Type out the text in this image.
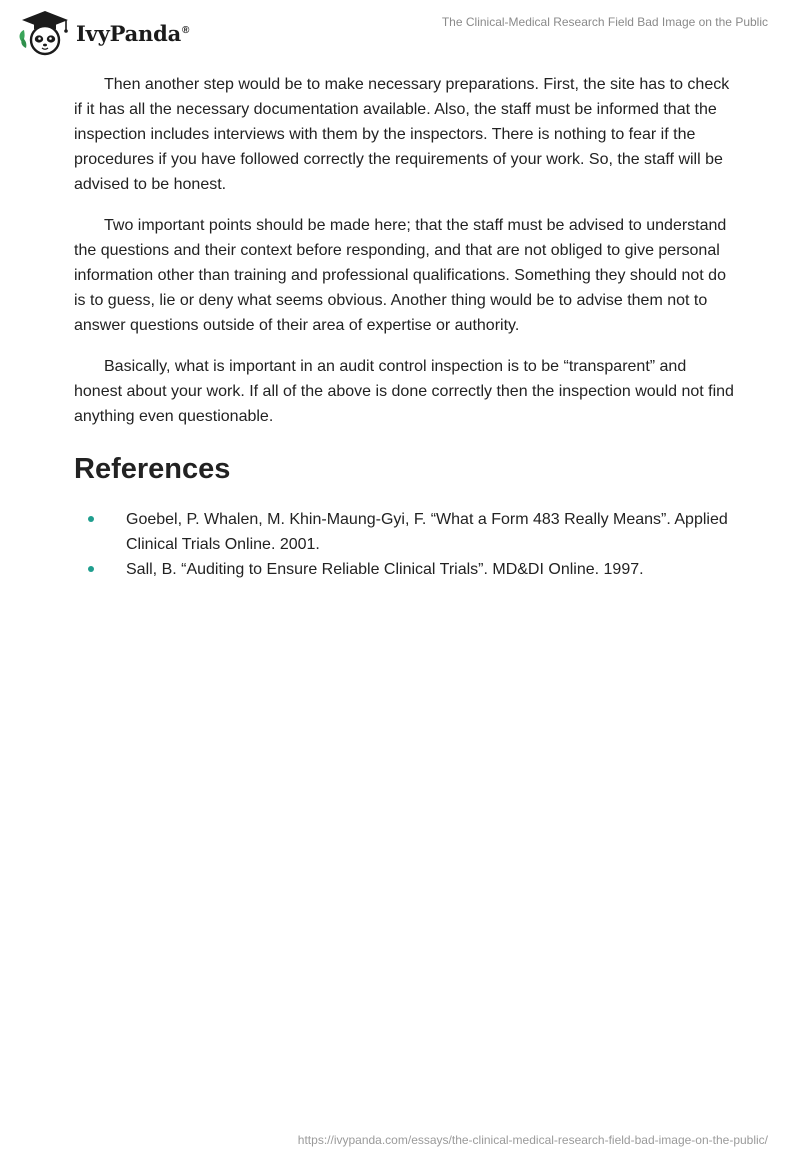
IvyPanda®
The Clinical-Medical Research Field Bad Image on the Public

Then another step would be to make necessary preparations. First, the site has to check if it has all the necessary documentation available. Also, the staff must be informed that the inspection includes interviews with them by the inspectors. There is nothing to fear if the procedures if you have followed correctly the requirements of your work. So, the staff will be advised to be honest.

Two important points should be made here; that the staff must be advised to understand the questions and their context before responding, and that are not obliged to give personal information other than training and professional qualifications. Something they should not do is to guess, lie or deny what seems obvious. Another thing would be to advise them not to answer questions outside of their area of expertise or authority.

Basically, what is important in an audit control inspection is to be “transparent” and honest about your work. If all of the above is done correctly then the inspection would not find anything even questionable.

References
Goebel, P. Whalen, M. Khin-Maung-Gyi, F. “What a Form 483 Really Means”. Applied Clinical Trials Online. 2001.
Sall, B. “Auditing to Ensure Reliable Clinical Trials”. MD&DI Online. 1997.
https://ivypanda.com/essays/the-clinical-medical-research-field-bad-image-on-the-public/
